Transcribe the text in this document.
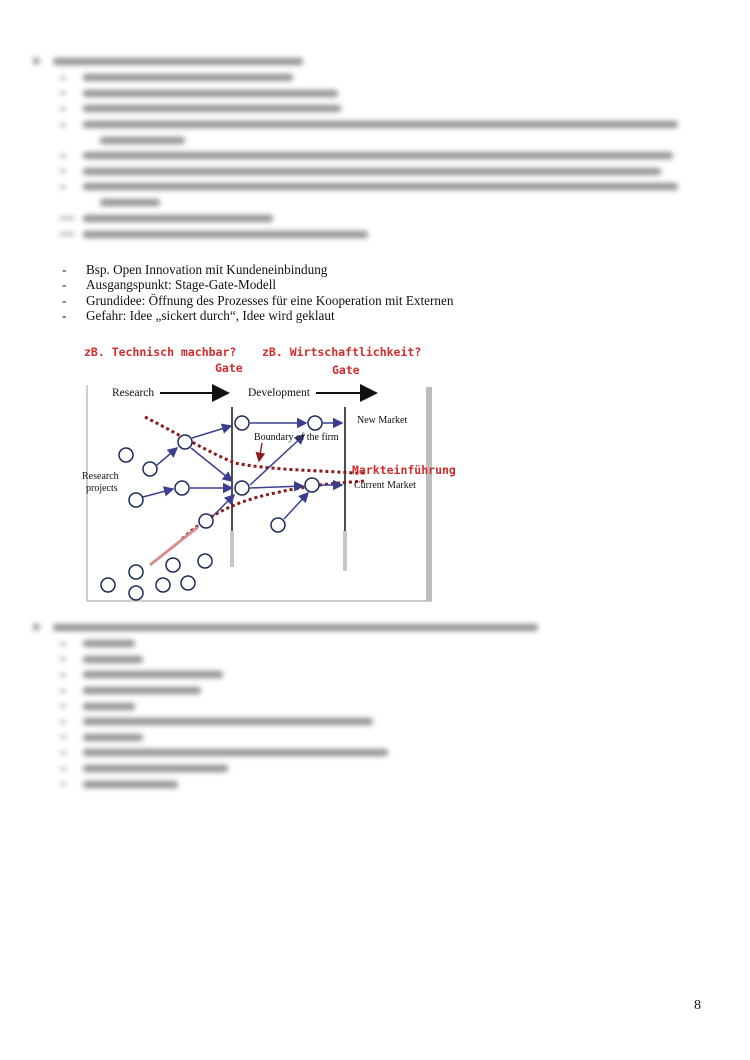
-	Bsp. Open Innovation mit Kundeneinbindung
-	Ausgangspunkt: Stage-Gate-Modell
-	Grundidee: Öffnung des Prozesses für eine Kooperation mit Externen
-	Gefahr: Idee „sickert durch“, Idee wird geklaut
zB. Technisch machbar? zB. Wirtschaftlichkeit?
Gate	Gate
Research	Development
New Market
Boundary of the firm
Markteinführung
Current Market
Research
projects
8
